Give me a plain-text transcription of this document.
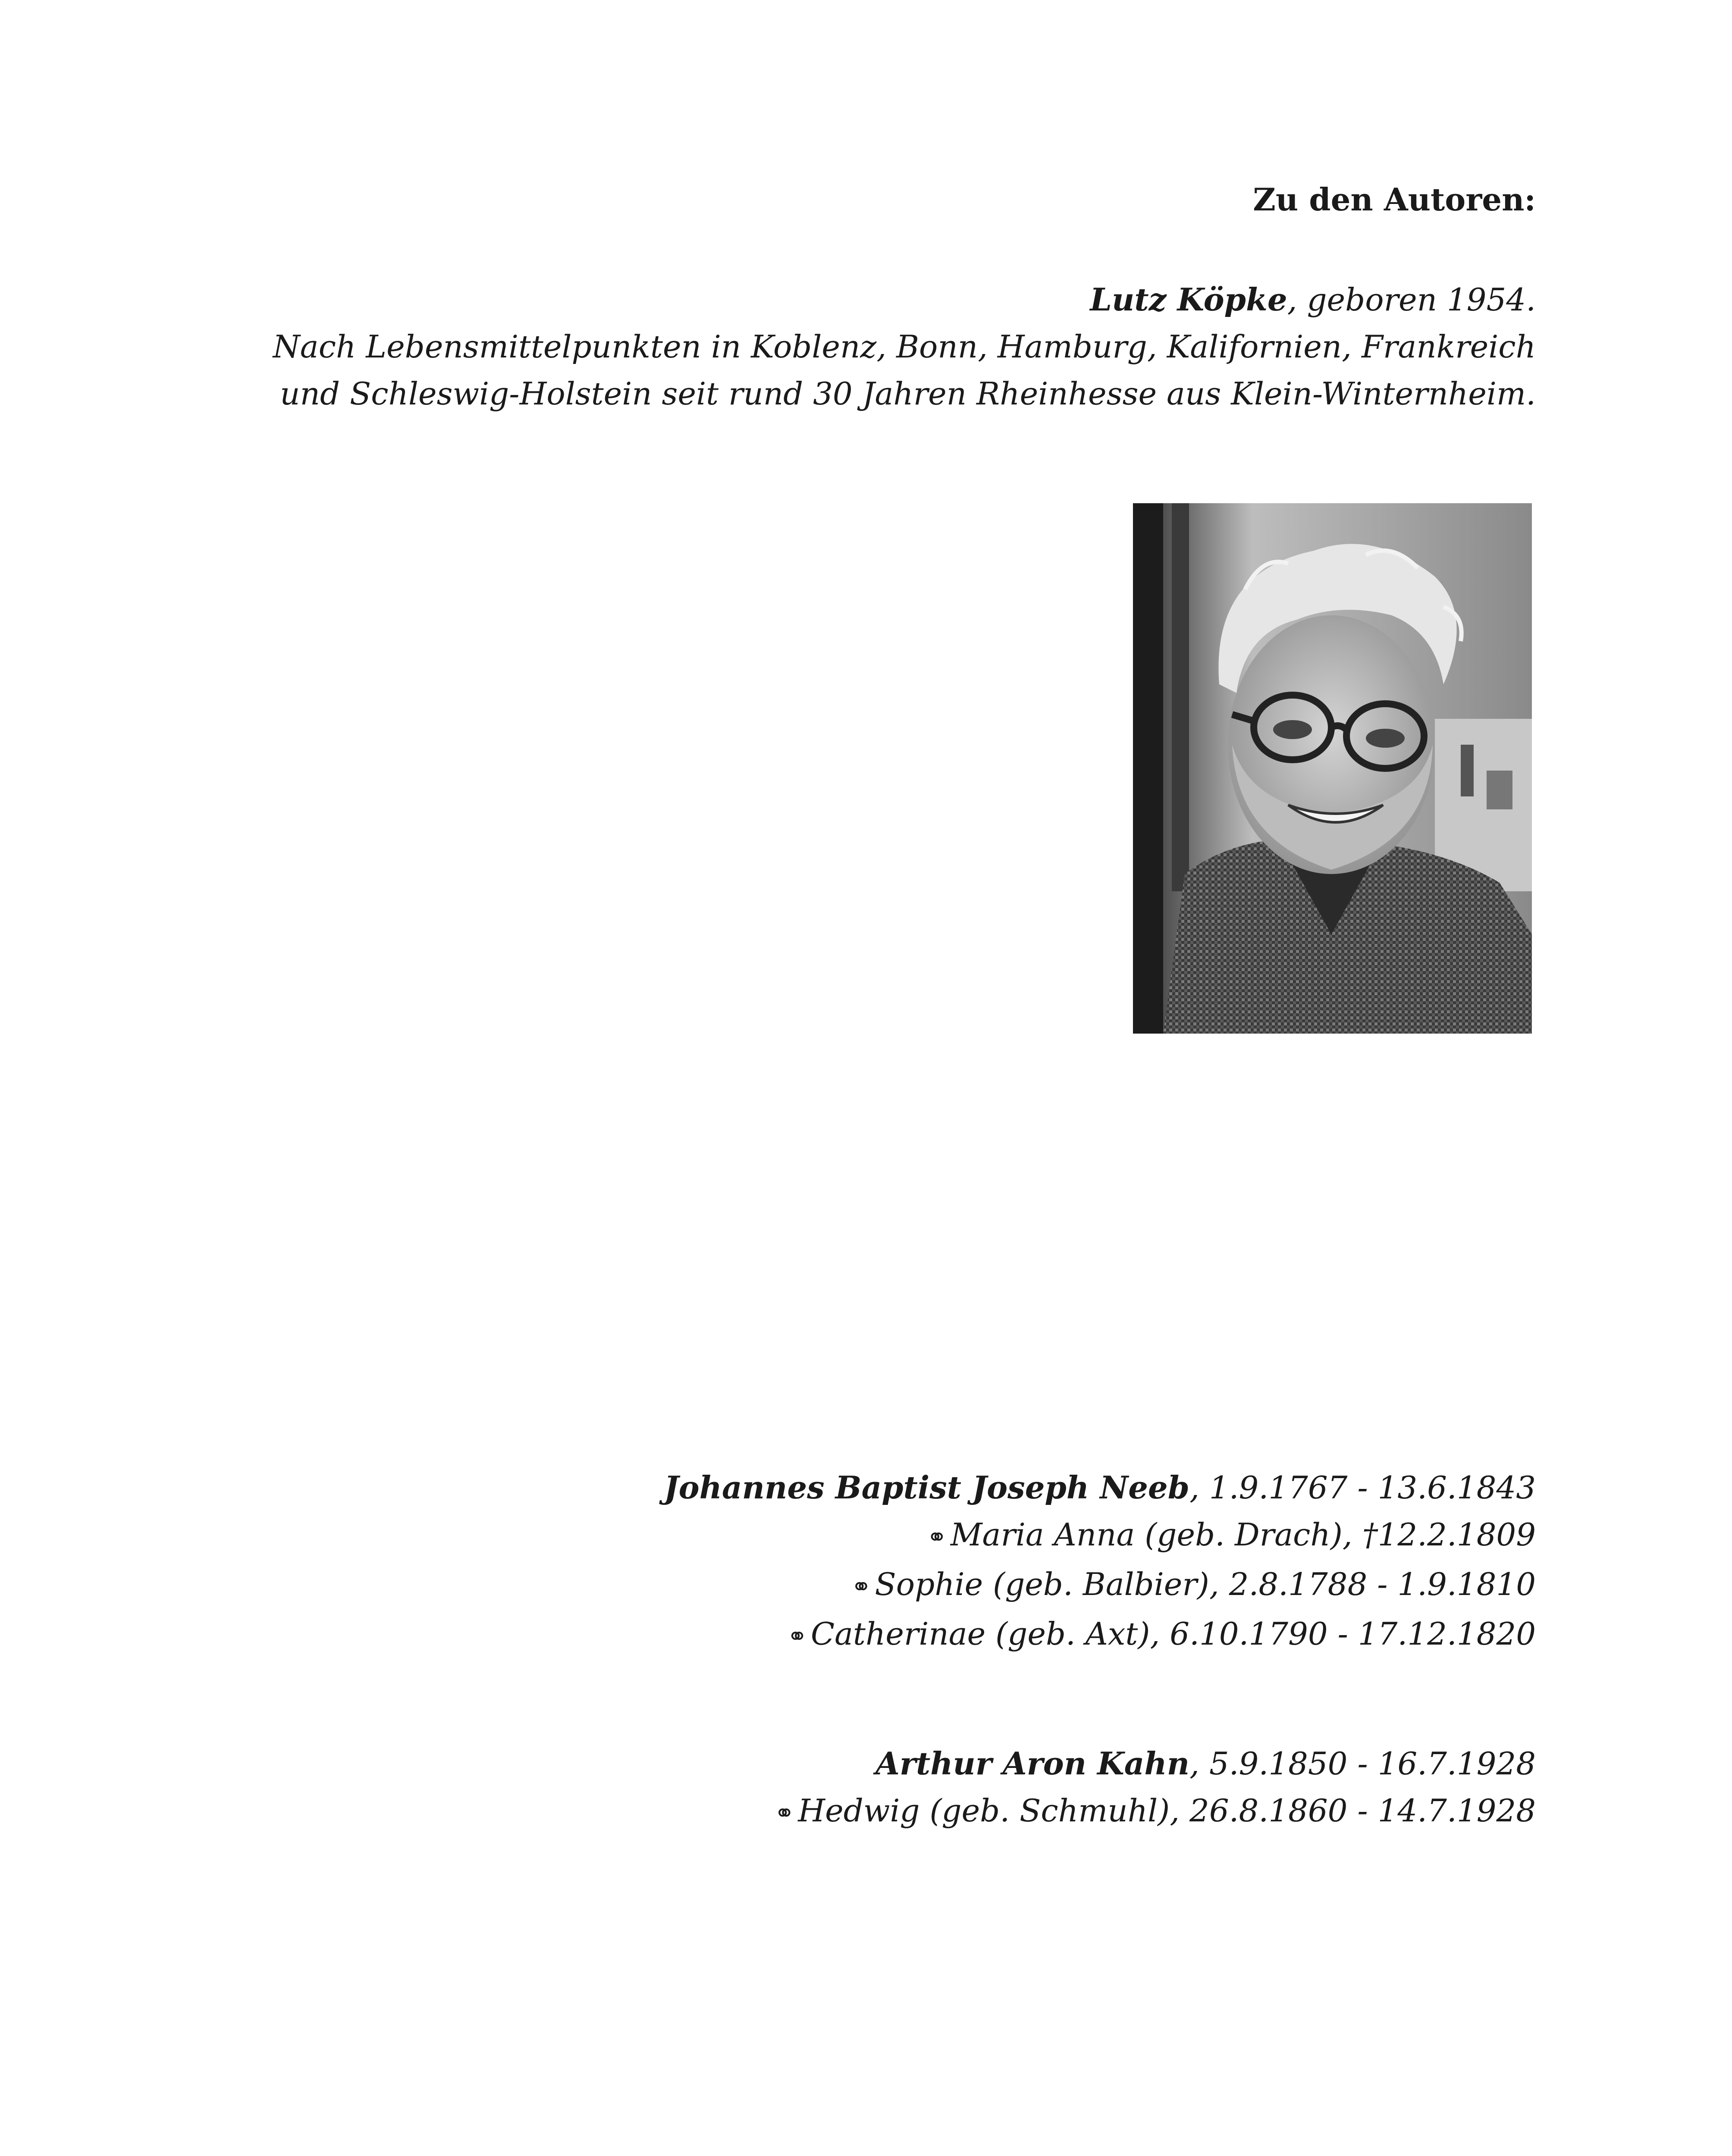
Zu den Autoren:
Lutz Köpke, geboren 1954.
Nach Lebensmittelpunkten in Koblenz, Bonn, Hamburg, Kalifornien, Frankreich
und Schleswig-Holstein seit rund 30 Jahren Rheinhesse aus Klein-Winternheim.
Johannes Baptist Joseph Neeb, 1.9.1767 - 13.6.1843
⚭ Maria Anna (geb. Drach), †12.2.1809
⚭ Sophie (geb. Balbier), 2.8.1788 - 1.9.1810
⚭ Catherinae (geb. Axt), 6.10.1790 - 17.12.1820
Arthur Aron Kahn, 5.9.1850 - 16.7.1928
⚭ Hedwig (geb. Schmuhl), 26.8.1860 - 14.7.1928
